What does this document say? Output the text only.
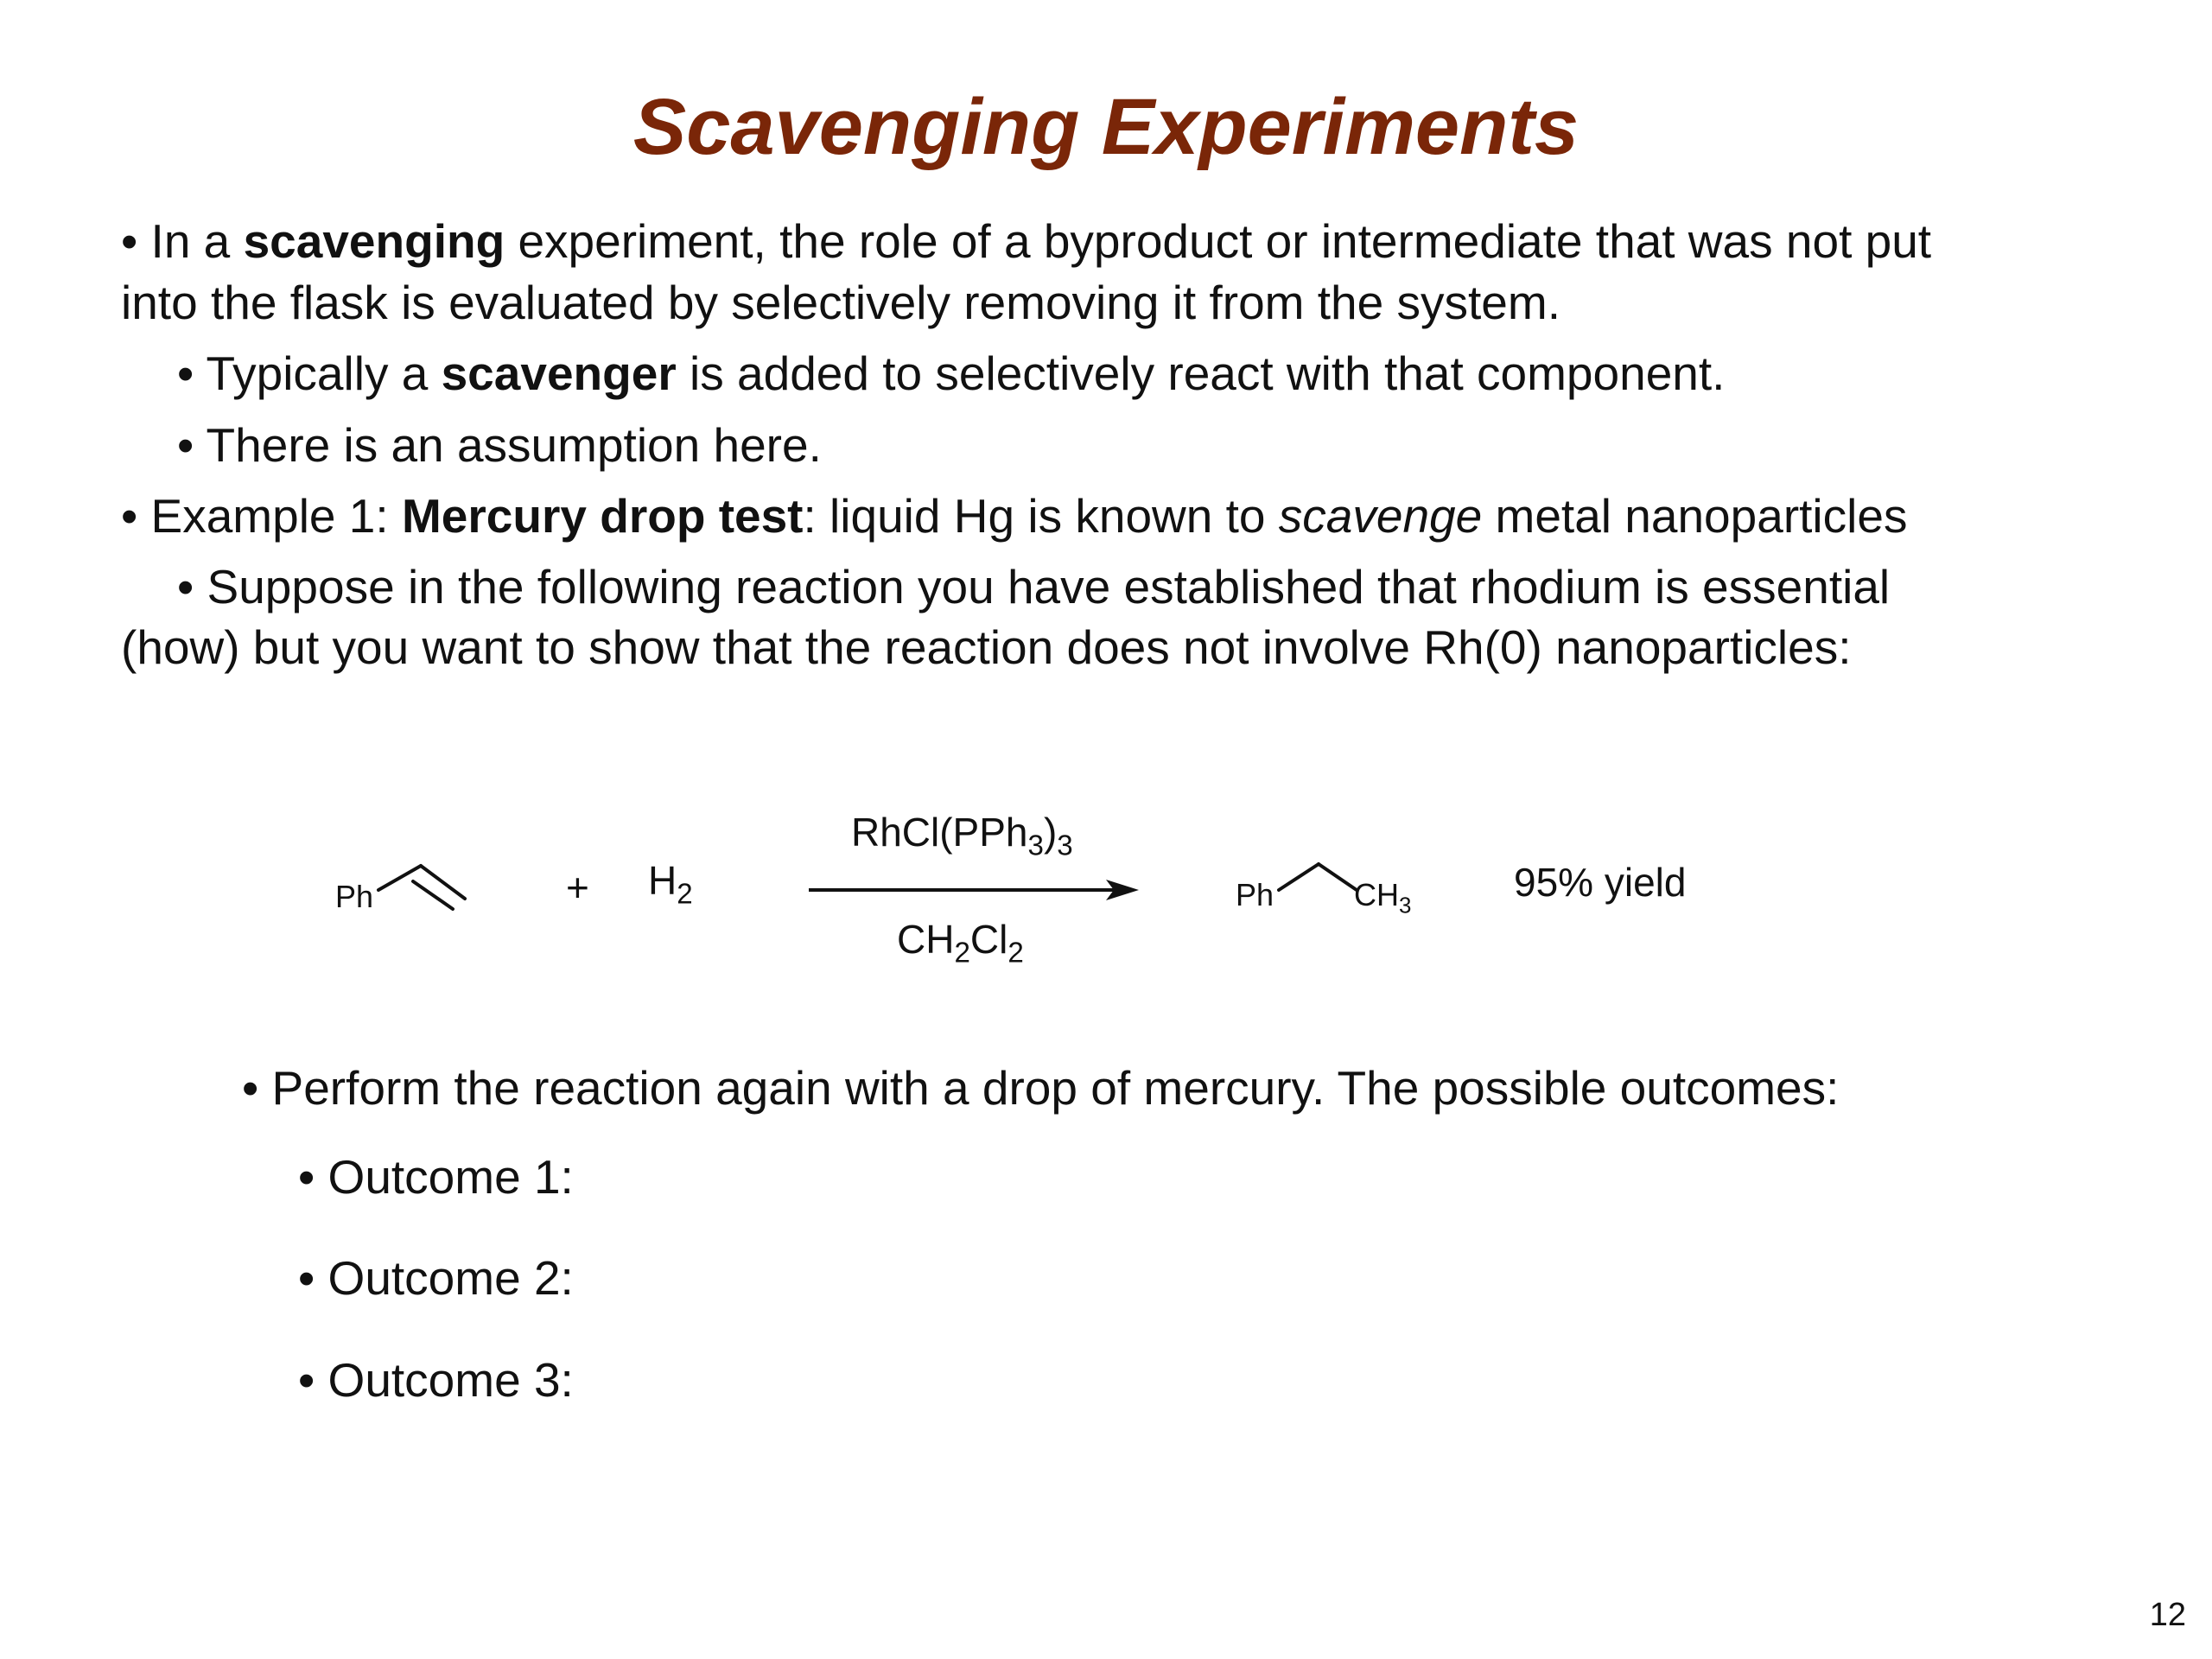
Scavenging Experiments
• In a scavenging experiment, the role of a byproduct or intermediate that was not put
into the flask is evaluated by selectively removing it from the system.
• Typically a scavenger is added to selectively react with that component.
• There is an assumption here.
• Example 1: Mercury drop test: liquid Hg is known to scavenge metal nanoparticles
• Suppose in the following reaction you have established that rhodium is essential
(how) but you want to show that the reaction does not involve Rh(0) nanoparticles:
Ph	+ $H_2$
$RhCl(PPh_3)_3$
$CH_2Cl_2$
Ph	$CH_3$
95% yield
• Perform the reaction again with a drop of mercury. The possible outcomes:
• Outcome 1:
• Outcome 2:
• Outcome 3:
12
